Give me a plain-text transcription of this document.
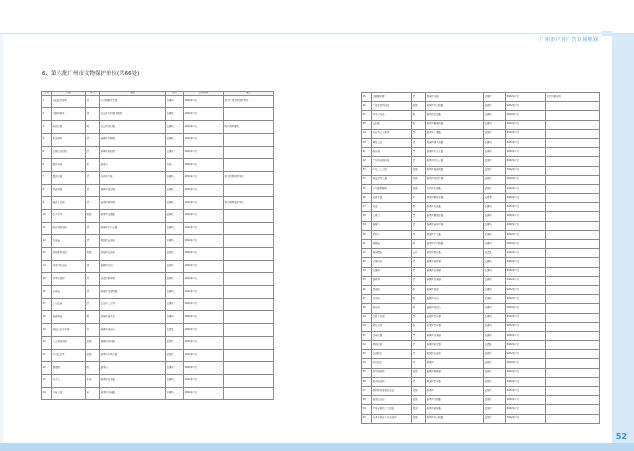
广州市户外广告专项规划
6、第六批广州市文物保护单位(共66处)
序号	名称	年代	地址	类型	公布时间	备注
1	古仙馆及祠堂	清	中山四路学宫街	古建筑	2002年7月	原为广州市级保护单位
2	飞鹅岭祠堂	清	白云区太和镇飞鹅岭	古建筑	2002年7月	
3	陈氏宗祠	明	白云区龙归镇	古建筑	2002年7月	明代祠堂建筑
4	朱氏祠堂	清	番禺区石楼镇	古建筑	2002年7月	
5	余荫山房旧址	清	番禺区南村镇	古建筑	2002年7月	
6	题名石刻	宋	越秀山	石刻	2002年7月	
7	谭氏宗祠	清	天河区车陂	古建筑	2002年7月	原为区级保护单位
8	何氏祖祠	清	海珠区新滘镇	古建筑	2002年7月	
9	潘氏大宗祠	清	花都区新华镇	古建筑	2002年7月	原为县级保护单位
10	孔子学堂	民国	越秀区文德路	近现代	2002年7月	
11	陈氏书院旧址	清	荔湾区中山七路	古建筑	2002年7月	
12	关帝庙	清	黄埔区长洲岛	古建筑	2002年7月	
13	黄埔军校旧址	民国	黄埔区长洲岛	近现代	2002年7月	
14	邓世昌纪念馆	清	海珠区宝岗	近现代	2002年7月	
15	洪秀全故居	清	花都区新华镇	近现代	2002年7月	
16	仁威庙	清	荔湾区龙津西路	古建筑	2002年7月	
17	三元古庙	清	白云区三元里	古建筑	2002年7月	
18	南海神庙	隋	黄埔区庙头村	古建筑	2002年7月	
19	莲花山古采石场	汉	番禺区莲花山	古遗址	2002年7月	
20	大元帅府旧址	民国	海珠区纺织路	近现代	2002年7月	
21	中山纪念堂	民国	越秀区东风中路	近现代	2002年7月	
22	镇海楼	明	越秀山	古建筑	2002年7月	
23	光孝寺	东晋	越秀区光孝路	古建筑	2002年7月	
24	六榕寺塔	宋	越秀区六榕路	古建筑	2002年7月	
25	沙面建筑群	清	荔湾区沙面	近现代	2002年7月	已列为国家级
26	广州农讲所旧址	民国	越秀区中山四路	近现代	2002年7月	
27	怀圣寺光塔	唐	越秀区光塔路	古建筑	2002年7月	
28	五仙观	明	越秀区惠福西路	古建筑	2002年7月	
29	石室圣心大教堂	清	越秀区一德路	近现代	2002年7月	
30	锦纶会馆	清	荔湾区康王南路	古建筑	2002年7月	
31	陈家祠	清	荔湾区中山七路	古建筑	2002年7月	
32	广东咨议局旧址	清	越秀区中山三路	近现代	2002年7月	
33	中共三大会址	民国	越秀区恤孤院路	近现代	2002年7月	
34	黄花岗烈士墓	民国	越秀区先烈中路	近现代	2002年7月	
35	十九路军陵园	民国	天河区水荫路	近现代	2002年7月	
36	南越王墓	汉	越秀区解放北路	古墓葬	2002年7月	
37	光塔	唐	越秀区光塔路	古建筑	2002年7月	
38	大佛寺	清	越秀区惠福东路	古建筑	2002年7月	
39	海幢寺	清	海珠区南华中路	古建筑	2002年7月	
40	华林寺	清	荔湾区下九路	古建筑	2002年7月	
41	城隍庙	明	越秀区中山四路	古建筑	2002年7月	
42	药洲遗址	五代	越秀区教育路	古遗址	2002年7月	
43	余荫山房	清	番禺区南村镇	古建筑	2002年7月	
44	宝墨园	清	番禺区沙湾镇	古建筑	2002年7月	
45	留耕堂	清	番禺区沙湾镇	古建筑	2002年7月	
46	琶洲塔	明	海珠区琶洲	古建筑	2002年7月	
47	赤岗塔	明	海珠区赤岗	古建筑	2002年7月	
48	莲花塔	明	番禺区莲花山	古建筑	2002年7月	
49	资政大夫祠	清	花都区炭步镇	古建筑	2002年7月	
50	塱头古村	明	花都区炭步镇	古建筑	2002年7月	
51	沙湾古镇	清	番禺区沙湾镇	古建筑	2002年7月	
52	黄埔古港	清	海珠区新滘镇	古遗址	2002年7月	
53	长洲炮台	清	黄埔区长洲岛	近现代	2002年7月	
54	虎门炮台	清	番禺区	近现代	2002年7月	
55	冼星海故居	民国	番禺区榄核镇	近现代	2002年7月	
56	詹天佑故居	清	荔湾区恩宁路	近现代	2002年7月	
57	廖仲恺何香凝纪念馆	民国	越秀区	近现代	2002年7月	
58	鲁迅纪念馆	民国	越秀区文明路	近现代	2002年7月	
59	中华全国总工会旧址	民国	越秀区越华路	近现代	2002年7月	
60	毛泽东同志主办农讲所	民国	越秀区中山四路	近现代	2002年7月	
52
